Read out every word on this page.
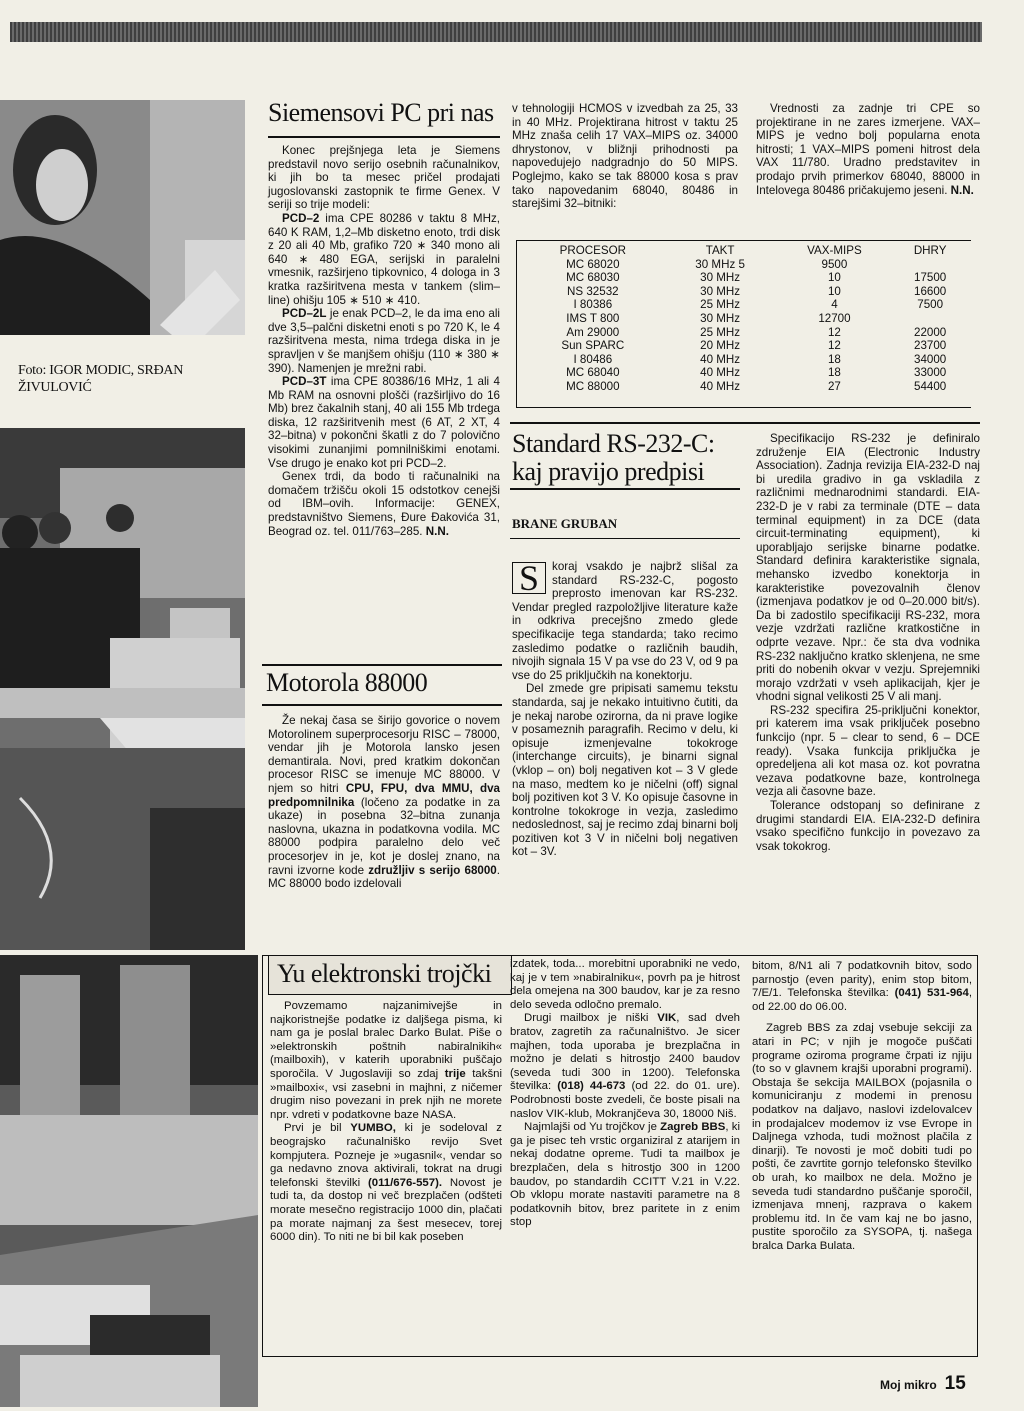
Foto: IGOR MODIC, SRĐAN ŽIVULOVIĆ
Siemensovi PC pri nas

Konec prejšnjega leta je Siemens predstavil novo serijo osebnih računalnikov, ki jih bo ta mesec pričel prodajati jugoslovanski zastopnik te firme Genex. V seriji so trije modeli:

PCD–2 ima CPE 80286 v taktu 8 MHz, 640 K RAM, 1,2–Mb disketno enoto, trdi disk z 20 ali 40 Mb, grafiko 720 ∗ 340 mono ali 640 ∗ 480 EGA, serijski in paralelni vmesnik, razširjeno tipkovnico, 4 dologa in 3 kratka razširitvena mesta v tankem (slim–line) ohišju 105 ∗ 510 ∗ 410.

PCD–2L je enak PCD–2, le da ima eno ali dve 3,5–palčni disketni enoti s po 720 K, le 4 razširitvena mesta, nima trdega diska in je spravljen v še manjšem ohišju (110 ∗ 380 ∗ 390). Namenjen je mrežni rabi.

PCD–3T ima CPE 80386/16 MHz, 1 ali 4 Mb RAM na osnovni plošči (razširljivo do 16 Mb) brez čakalnih stanj, 40 ali 155 Mb trdega diska, 12 razširitvenih mest (6 AT, 2 XT, 4 32–bitna) v pokončni škatli z do 7 polovično visokimi zunanjimi pomnilniškimi enotami. Vse drugo je enako kot pri PCD–2.

Genex trdi, da bodo ti računalniki na domačem tržišču okoli 15 odstotkov cenejši od IBM–ovih. Informacije: GENEX, predstavništvo Siemens, Đure Đakovića 31, Beograd oz. tel. 011/763–285. N.N.

Motorola 88000

Že nekaj časa se širijo govorice o novem Motorolinem superprocesorju RISC – 78000, vendar jih je Motorola lansko jesen demantirala. Novi, pred kratkim dokončan procesor RISC se imenuje MC 88000. V njem so hitri CPU, FPU, dva MMU, dva predpomnilnika (ločeno za podatke in za ukaze) in posebna 32–bitna zunanja naslovna, ukazna in podatkovna vodila. MC 88000 podpira paralelno delo več procesorjev in je, kot je doslej znano, na ravni izvorne kode združljiv s serijo 68000. MC 88000 bodo izdelovali

v tehnologiji HCMOS v izvedbah za 25, 33 in 40 MHz. Projektirana hitrost v taktu 25 MHz znaša celih 17 VAX–MIPS oz. 34000 dhrystonov, v bližnji prihodnosti pa napovedujejo nadgradnjo do 50 MIPS. Poglejmo, kako se tak 88000 kosa s prav tako napovedanim 68040, 80486 in starejšimi 32–bitniki:

Vrednosti za zadnje tri CPE so projektirane in ne zares izmerjene. VAX–MIPS je vedno bolj popularna enota hitrosti; 1 VAX–MIPS pomeni hitrost dela VAX 11/780. Uradno predstavitev in prodajo prvih primerkov 68040, 88000 in Intelovega 80486 pričakujemo jeseni. N.N.

PROCESOR	TAKT	VAX-MIPS	DHRY
MC 68020	30 MHz 5	9500	
MC 68030	30 MHz	10	17500
NS 32532	30 MHz	10	16600
I 80386	25 MHz	4	7500
IMS T 800	30 MHz	12700	
Am 29000	25 MHz	12	22000
Sun SPARC	20 MHz	12	23700
I 80486	40 MHz	18	34000
MC 68040	40 MHz	18	33000
MC 88000	40 MHz	27	54400
Standard RS-232-C: kaj pravijo predpisi
BRANE GRUBAN

S	koraj vsakdo je najbrž slišal za standard RS-232-C, pogosto preprosto imenovan kar RS-232. Vendar pregled razpoložljive literature kaže in odkriva precejšno zmedo glede specifikacije tega standarda; tako recimo zasledimo podatke o različnih baudih, nivojih signala 15 V pa vse do 23 V, od 9 pa vse do 25 priključkih na konektorju.

Del zmede gre pripisati samemu tekstu standarda, saj je nekako intuitivno čutiti, da je nekaj narobe ozirorna, da ni prave logike v posameznih paragrafih. Recimo v delu, ki opisuje izmenjevalne tokokroge (interchange circuits), je binarni signal (vklop – on) bolj negativen kot – 3 V glede na maso, medtem ko je ničelni (off) signal bolj pozitiven kot 3 V. Ko opisuje časovne in kontrolne tokokroge in vezja, zasledimo nedoslednost, saj je recimo zdaj binarni bolj pozitiven kot 3 V in ničelni bolj negativen kot – 3V.

Specifikacijo RS-232 je definiralo združenje EIA (Electronic Industry Association). Zadnja revizija EIA-232-D naj bi uredila gradivo in ga vskladila z različnimi mednarodnimi standardi. EIA-232-D je v rabi za terminale (DTE – data terminal equipment) in za DCE (data circuit-terminating equipment), ki uporabljajo serijske binarne podatke. Standard definira karakteristike signala, mehansko izvedbo konektorja in karakteristike povezovalnih členov (izmenjava podatkov je od 0–20.000 bit/s). Da bi zadostilo specifikaciji RS-232, mora vezje vzdržati različne kratkostične in odprte vezave. Npr.: če sta dva vodnika RS-232 naključno kratko sklenjena, ne sme priti do nobenih okvar v vezju. Sprejemniki morajo vzdržati v vseh aplikacijah, kjer je vhodni signal velikosti 25 V ali manj.

RS-232 specifira 25-priključni konektor, pri katerem ima vsak priključek posebno funkcijo (npr. 5 – clear to send, 6 – DCE ready). Vsaka funkcija priključka je opredeljena ali kot masa oz. kot povratna vezava podatkovne baze, kontrolnega vezja ali časovne baze.

Tolerance odstopanj so definirane z drugimi standardi EIA. EIA-232-D definira vsako specifično funkcijo in povezavo za vsak tokokrog.

Yu elektronski trojčki

Povzemamo najzanimivejše in najkoristnejše podatke iz daljšega pisma, ki nam ga je poslal bralec Darko Bulat. Piše o »elektronskih poštnih nabiralnikih« (mailboxih), v katerih uporabniki puščajo sporočila. V Jugoslaviji so zdaj trije takšni »mailboxi«, vsi zasebni in majhni, z ničemer drugim niso povezani in prek njih ne morete npr. vdreti v podatkovne baze NASA.

Prvi je bil YUMBO, ki je sodeloval z beograjsko računalniško revijo Svet kompjutera. Pozneje je »ugasnil«, vendar so ga nedavno znova aktivirali, tokrat na drugi telefonski številki (011/676-557). Novost je tudi ta, da dostop ni več brezplačen (odšteti morate mesečno registracijo 1000 din, plačati pa morate najmanj za šest mesecev, torej 6000 din). To niti ne bi bil kak poseben

izdatek, toda... morebitni uporabniki ne vedo, kaj je v tem »nabiralniku«, povrh pa je hitrost dela omejena na 300 baudov, kar je za resno delo seveda odločno premalo.

Drugi mailbox je niški VIK, sad dveh bratov, zagretih za računalništvo. Je sicer majhen, toda uporaba je brezplačna in možno je delati s hitrostjo 2400 baudov (seveda tudi 300 in 1200). Telefonska številka: (018) 44-673 (od 22. do 01. ure). Podrobnosti boste zvedeli, če boste pisali na naslov VIK-klub, Mokranjčeva 30, 18000 Niš.

Najmlajši od Yu trojčkov je Zagreb BBS, ki ga je pisec teh vrstic organiziral z atarijem in nekaj dodatne opreme. Tudi ta mailbox je brezplačen, dela s hitrostjo 300 in 1200 baudov, po standardih CCITT V.21 in V.22. Ob vklopu morate nastaviti parametre na 8 podatkovnih bitov, brez paritete in z enim stop

bitom, 8/N1 ali 7 podatkovnih bitov, sodo parnostjo (even parity), enim stop bitom, 7/E/1. Telefonska številka: (041) 531-964, od 22.00 do 06.00.

Zagreb BBS za zdaj vsebuje sekciji za atari in PC; v njih je mogoče puščati programe oziroma programe črpati iz njiju (to so v glavnem krajši uporabni programi). Obstaja še sekcija MAILBOX (pojasnila o komuniciranju z modemi in prenosu podatkov na daljavo, naslovi izdelovalcev in prodajalcev modemov iz vse Evrope in Daljnega vzhoda, tudi možnost plačila z dinarji). Te novosti je moč dobiti tudi po pošti, če zavrtite gornjo telefonsko številko ob urah, ko mailbox ne dela. Možno je seveda tudi standardno puščanje sporočil, izmenjava mnenj, razprava o kakem problemu itd. In če vam kaj ne bo jasno, pustite sporočilo za SYSOPA, tj. našega bralca Darka Bulata.

Moj mikro 15
